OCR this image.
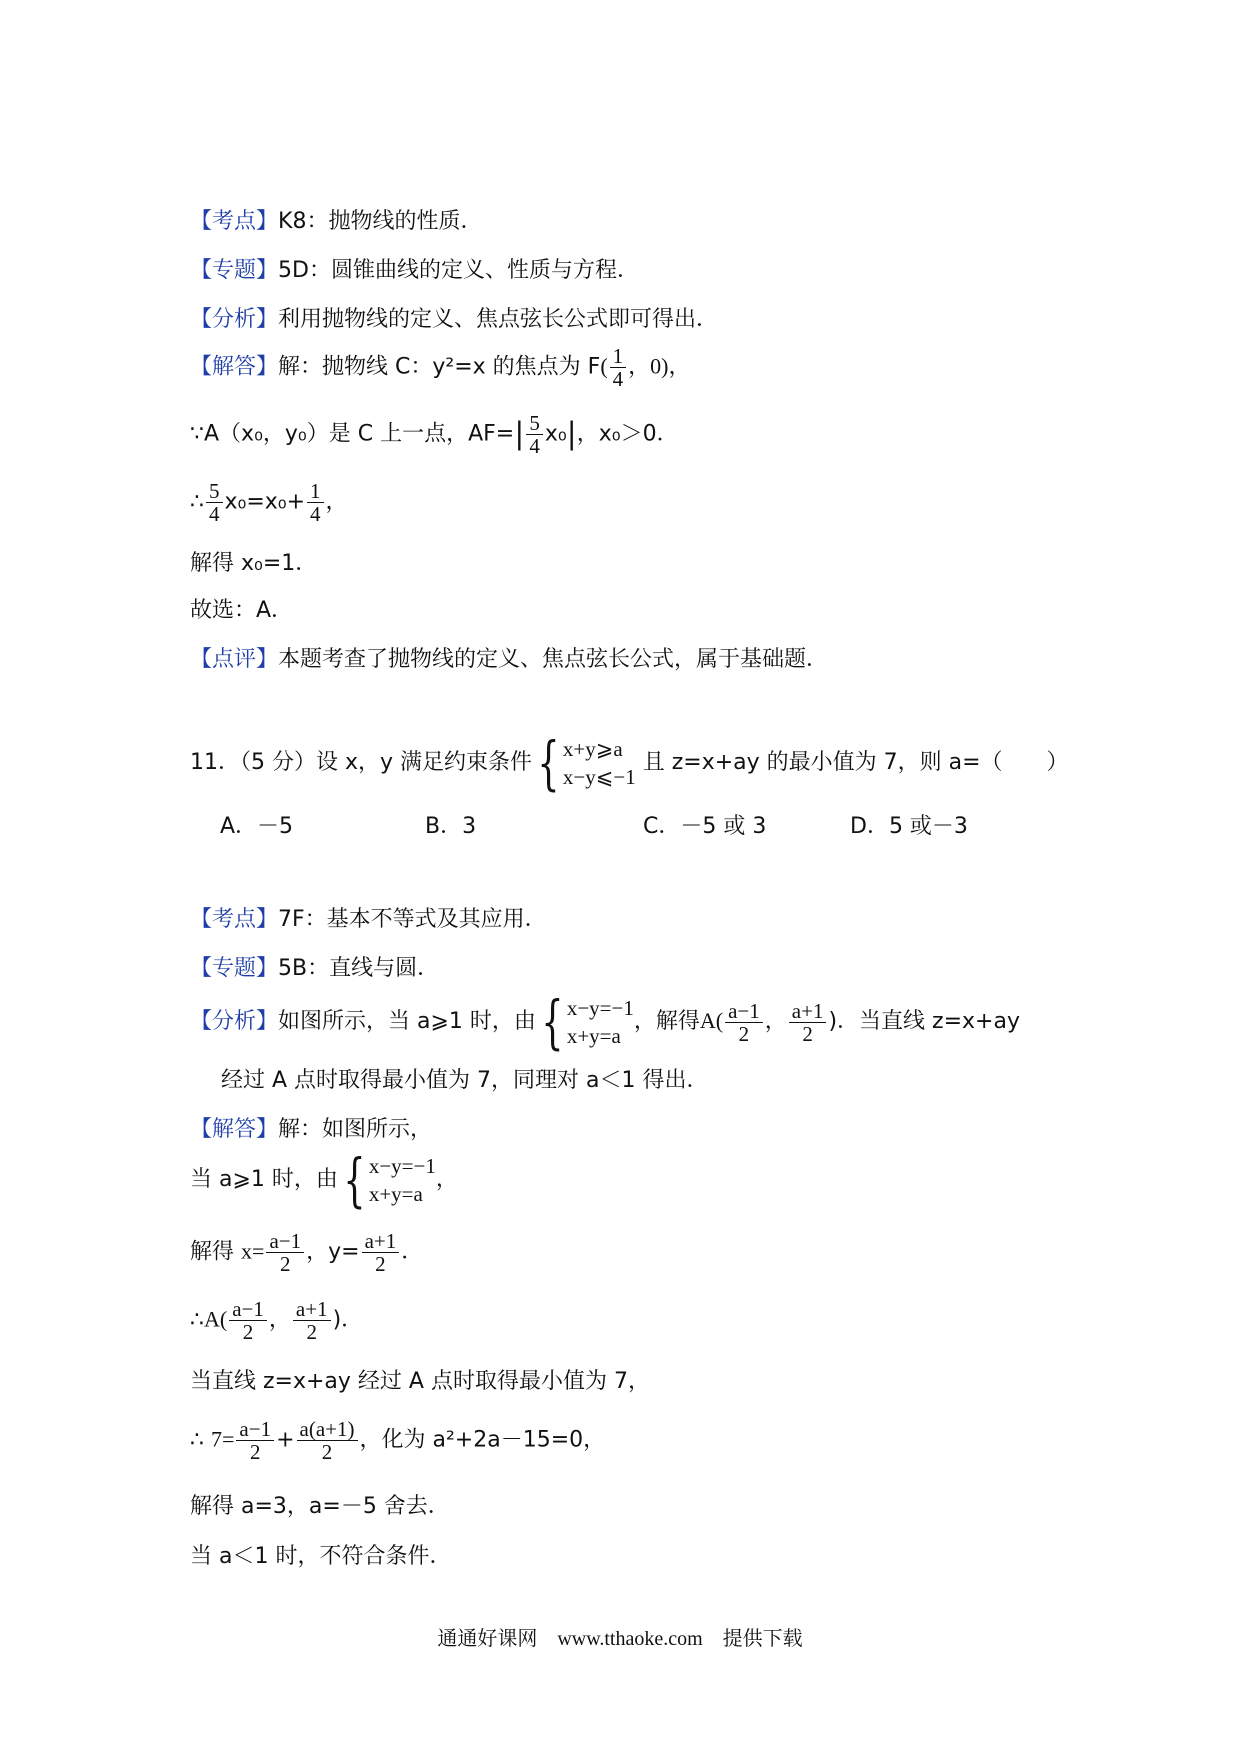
【考点】K8：抛物线的性质．
【专题】5D：圆锥曲线的定义、性质与方程．
【分析】利用抛物线的定义、焦点弦长公式即可得出．
【解答】解：抛物线 C：y²=x 的焦点为 $F( \frac{1}{4}$ ，0)，
∵A（x₀，y₀）是 C 上一点，$AF=| \frac{5}{4} x_0|$，x₀＞0．
∴ $\frac{5}{4} x_0=x_0+ \frac{1}{4}$ ，
解得 x₀=1．
故选：A．
【点评】本题考查了抛物线的定义、焦点弦长公式，属于基础题．
11．（5 分）设 x，y 满足约束条件{ x+y⩾a
x−y⩽−1
且 z=x+ay 的最小值为 7，则 a=（　　）
A．－5	B．3	C．－5 或 3	D．5 或－3
【考点】7F：基本不等式及其应用．
【专题】5B：直线与圆．
【分析】如图所示，当 a⩾1 时，由{ x−y=−1
x+y=a
，解得$A( \frac{a-1}{2}$ ， $\frac{a+1}{2}$ )．当直线 z=x+ay
经过 A 点时取得最小值为 7，同理对 a＜1 得出．
【解答】解：如图所示，
当 a⩾1 时，由{ x−y=−1
x+y=a
，
解得 $x= \frac{a-1}{2}$ ，$y= \frac{a+1}{2}$ ．
∴A( $\frac{a-1}{2}$ ， $\frac{a+1}{2}$ )．
当直线 z=x+ay 经过 A 点时取得最小值为 7，
∴ $7= \frac{a-1}{2} + \frac{a(a+1)}{2}$ ，化为 a²+2a－15=0，
解得 a=3，a=－5 舍去．
当 a＜1 时，不符合条件．
通通好课网　www.tthaoke.com　提供下载
